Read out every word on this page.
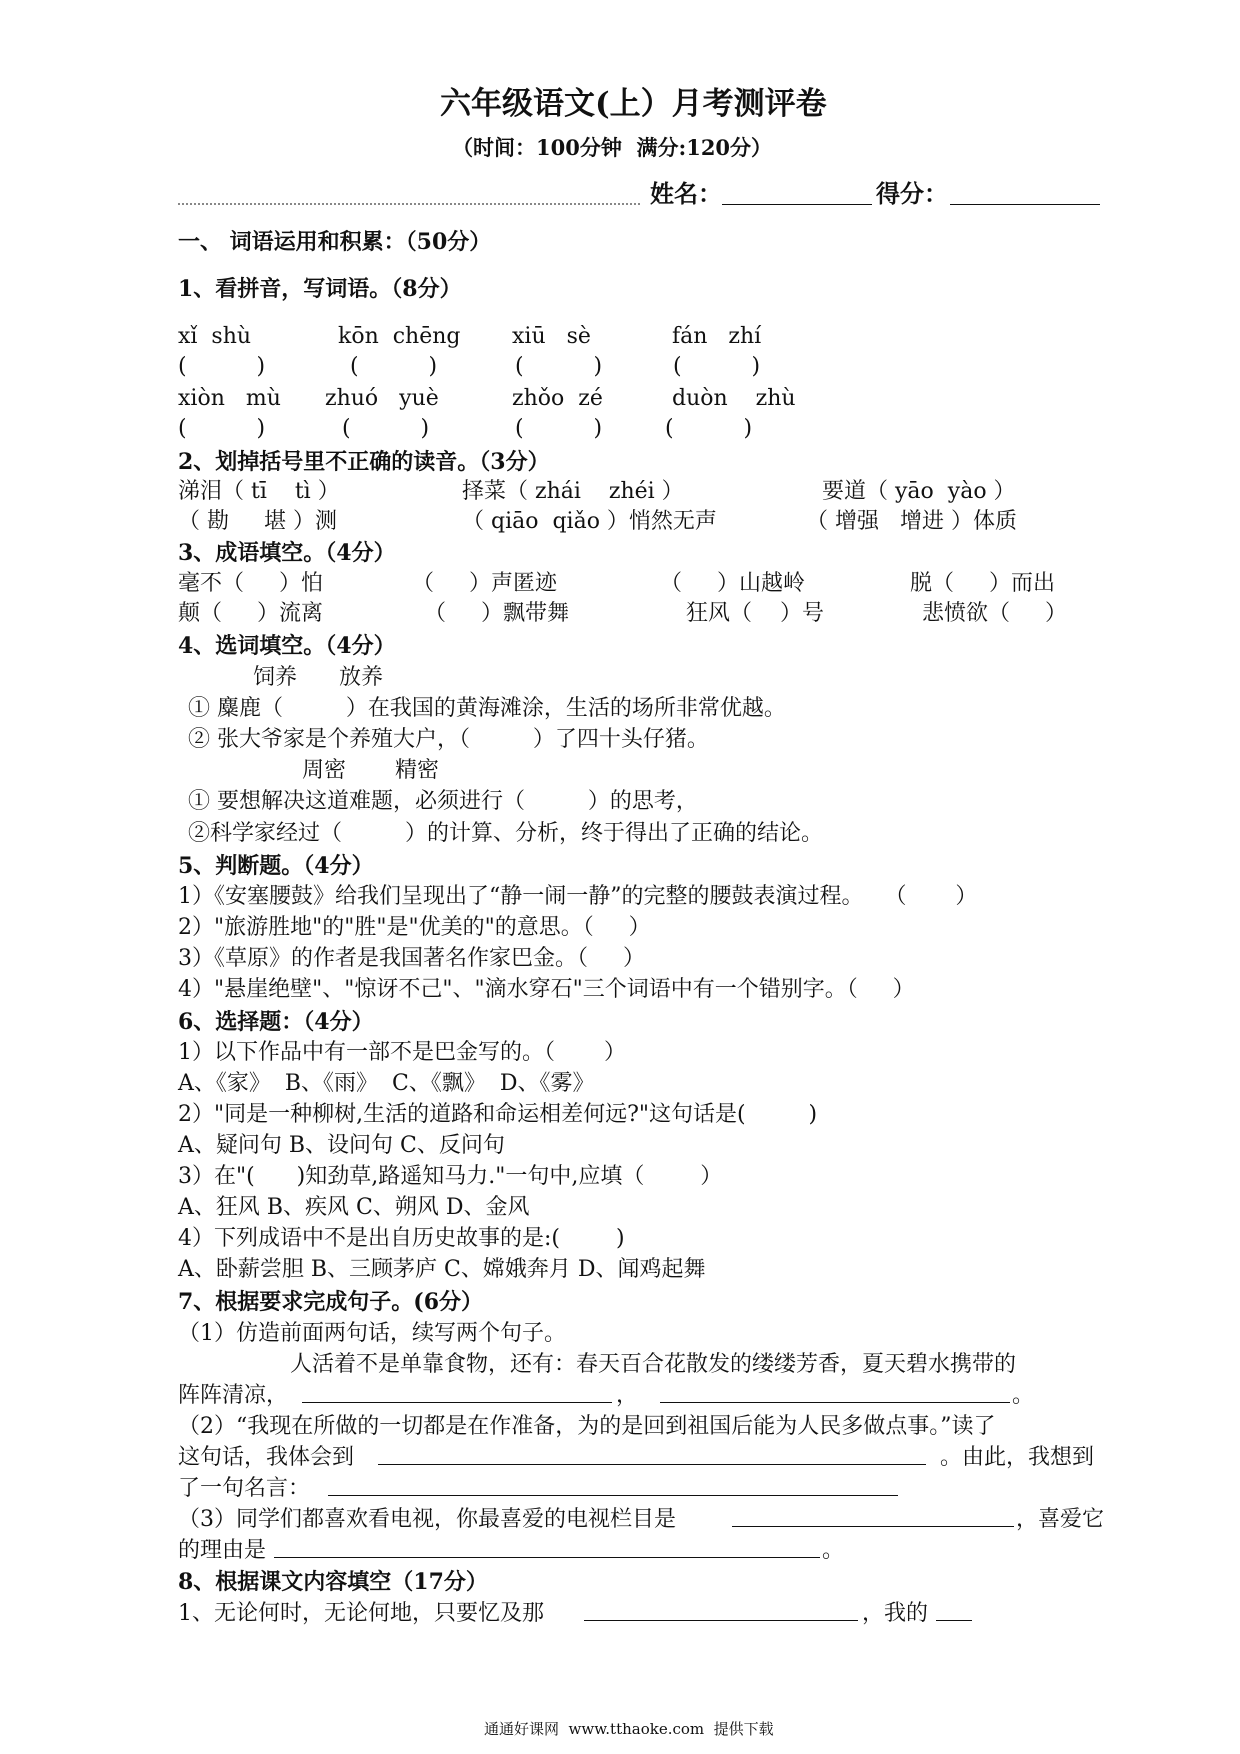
六年级语文(上）月考测评卷
（时间：100分钟  满分:120分）
姓名：	得分：
一、 词语运用和积累：（50分）
1、看拼音，写词语。（8分）
xǐ  shù	kōn  chēng xiū   sè	fán   zhí
(          )	(          )	(          )	(          )
xiòn   mù zhuó   yuè	zhǒo  zé	duòn    zhù
(          )	(          )	(          )	(          )
2、划掉括号里不正确的读音。（3分）
涕泪（ tī    tì ）	择菜（ zhái    zhéi ）	要道（ yāo  yào ）
（ 勘     堪 ）测	（ qiāo  qiǎo ）悄然无声	（ 增强   增进 ）体质
3、成语填空。（4分）
毫不（     ）怕	（     ）声匿迹	（     ）山越岭	脱（     ）而出
颠（     ）流离	（     ）飘带舞	狂风（    ）号	悲愤欲（     ）
4、选词填空。（4分）
饲养      放养
① 麋鹿（         ）在我国的黄海滩涂，生活的场所非常优越。
② 张大爷家是个养殖大户，（         ）了四十头仔猪。
周密       精密
① 要想解决这道难题，必须进行（         ）的思考，
②科学家经过（         ）的计算、分析，终于得出了正确的结论。
5、判断题。（4分）
1）《安塞腰鼓》给我们呈现出了“静一闹一静”的完整的腰鼓表演过程。   （       ）
2）"旅游胜地"的"胜"是"优美的"的意思。（     ）
3）《草原》的作者是我国著名作家巴金。（     ）
4）"悬崖绝壁"、"惊讶不己"、"滴水穿石"三个词语中有一个错别字。（     ）
6、选择题：（4分）
1）以下作品中有一部不是巴金写的。（       ）
A、《家》  B、《雨》  C、《飘》  D、《雾》
2）"同是一种柳树,生活的道路和命运相差何远?"这句话是(         )
A、疑问句 B、设问句 C、反问句
3）在"(      )知劲草,路遥知马力."一句中,应填（        ）
A、狂风 B、疾风 C、朔风 D、金风
4）下列成语中不是出自历史故事的是:(        )
A、卧薪尝胆 B、三顾茅庐 C、嫦娥奔月 D、闻鸡起舞
7、根据要求完成句子。(6分）
（1）仿造前面两句话，续写两个句子。
人活着不是单靠食物，还有：春天百合花散发的缕缕芳香，夏天碧水携带的
阵阵清凉，	，	。
（2）“我现在所做的一切都是在作准备，为的是回到祖国后能为人民多做点事。”读了
这句话，我体会到	。由此，我想到
了一句名言：
（3）同学们都喜欢看电视，你最喜爱的电视栏目是	，喜爱它
的理由是	。
8、根据课文内容填空（17分）
1、无论何时，无论何地，只要忆及那	，我的
通通好课网  www.tthaoke.com  提供下载
